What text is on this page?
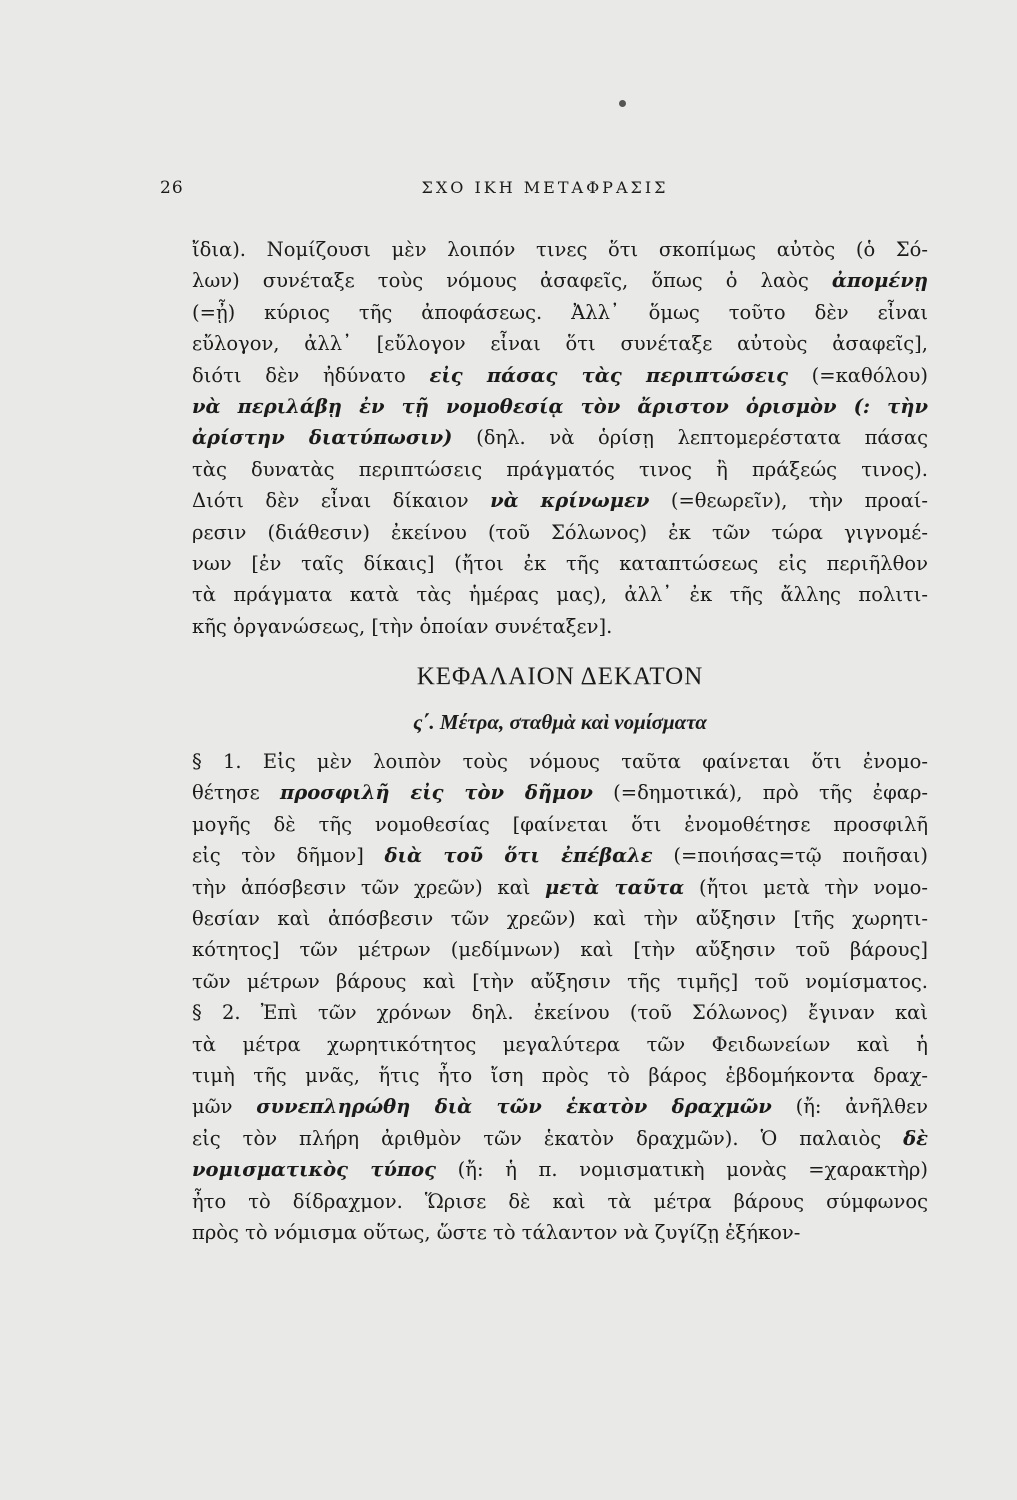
26	ΣΧΟ ΙΚΗ ΜΕΤΑΦΡΑΣΙΣ
ἴδια). Νομίζουσι μὲν λοιπόν τινες ὅτι σκοπίμως αὐτὸς (ὁ Σό-
λων) συνέταξε τοὺς νόμους ἀσαφεῖς, ὅπως ὁ λαὸς ἀπομένῃ
(=ᾖ) κύριος τῆς ἀποφάσεως. Ἀλλ᾽ ὅμως τοῦτο δὲν εἶναι
εὔλογον, ἀλλ᾽ [εὔλογον εἶναι ὅτι συνέταξε αὐτοὺς ἀσαφεῖς],
διότι δὲν ἠδύνατο εἰς πάσας τὰς περιπτώσεις (=καθόλου)
νὰ περιλάβῃ ἐν τῇ νομοθεσίᾳ τὸν ἄριστον ὁρισμὸν (: τὴν
ἀρίστην διατύπωσιν) (δηλ. νὰ ὁρίσῃ λεπτομερέστατα πάσας
τὰς δυνατὰς περιπτώσεις πράγματός τινος ἢ πράξεώς τινος).
Διότι δὲν εἶναι δίκαιον νὰ κρίνωμεν (=θεωρεῖν), τὴν προαί-
ρεσιν (διάθεσιν) ἐκείνου (τοῦ Σόλωνος) ἐκ τῶν τώρα γιγνομέ-
νων [ἐν ταῖς δίκαις] (ἤτοι ἐκ τῆς καταπτώσεως εἰς περιῆλθον
τὰ πράγματα κατὰ τὰς ἡμέρας μας), ἀλλ᾽ ἐκ τῆς ἄλλης πολιτι-
κῆς ὀργανώσεως, [τὴν ὁποίαν συνέταξεν].
ΚΕΦΑΛΑΙΟΝ ΔΕΚΑΤΟΝ
ς΄. Μέτρα, σταθμὰ καὶ νομίσματα
§ 1. Εἰς μὲν λοιπὸν τοὺς νόμους ταῦτα φαίνεται ὅτι ἐνομο-
θέτησε προσφιλῆ εἰς τὸν δῆμον (=δημοτικά), πρὸ τῆς ἐφαρ-
μογῆς δὲ τῆς νομοθεσίας [φαίνεται ὅτι ἐνομοθέτησε προσφιλῆ
εἰς τὸν δῆμον] διὰ τοῦ ὅτι ἐπέβαλε (=ποιήσας=τῷ ποιῆσαι)
τὴν ἀπόσβεσιν τῶν χρεῶν) καὶ μετὰ ταῦτα (ἤτοι μετὰ τὴν νομο-
θεσίαν καὶ ἀπόσβεσιν τῶν χρεῶν) καὶ τὴν αὔξησιν [τῆς χωρητι-
κότητος] τῶν μέτρων (μεδίμνων) καὶ [τὴν αὔξησιν τοῦ βάρους]
τῶν μέτρων βάρους καὶ [τὴν αὔξησιν τῆς τιμῆς] τοῦ νομίσματος.
§ 2. Ἐπὶ τῶν χρόνων δηλ. ἐκείνου (τοῦ Σόλωνος) ἔγιναν καὶ
τὰ μέτρα χωρητικότητος μεγαλύτερα τῶν Φειδωνείων καὶ ἡ
τιμὴ τῆς μνᾶς, ἥτις ἦτο ἴση πρὸς τὸ βάρος ἑβδομήκοντα δραχ-
μῶν συνεπληρώθη διὰ τῶν ἑκατὸν δραχμῶν (ἤ: ἀνῆλθεν
εἰς τὸν πλήρη ἀριθμὸν τῶν ἑκατὸν δραχμῶν). Ὁ παλαιὸς δὲ
νομισματικὸς τύπος (ἤ: ἡ π. νομισματικὴ μονὰς =χαρακτὴρ)
ἦτο τὸ δίδραχμον. Ὥρισε δὲ καὶ τὰ μέτρα βάρους σύμφωνος
πρὸς τὸ νόμισμα οὕτως, ὥστε τὸ τάλαντον νὰ ζυγίζῃ ἑξήκον-
